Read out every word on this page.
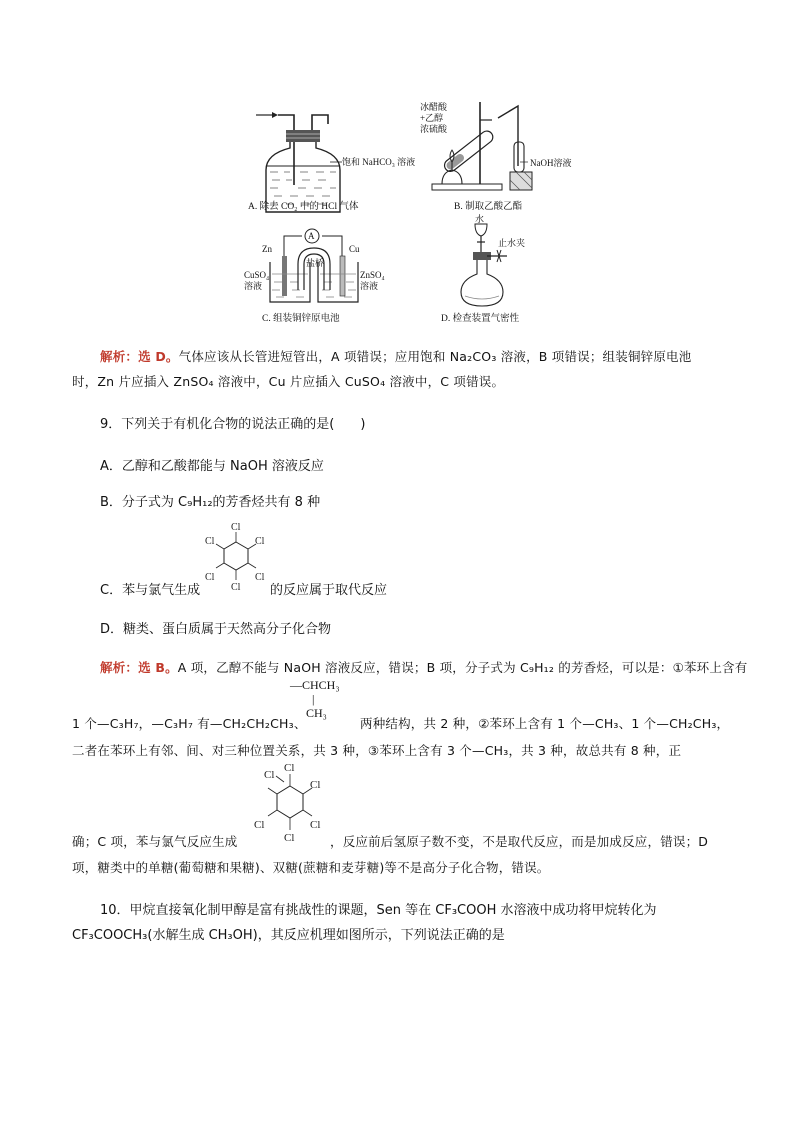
饱和 NaHCO₃ 溶液
A. 除去 CO₂ 中的 HCl 气体
冰醋酸
+乙醇
浓硫酸
NaOH溶液
B. 制取乙酸乙酯
A
Zn	Cu
盐桥
CuSO₄
溶液
ZnSO₄
溶液
C. 组装铜锌原电池
水
止水夹
D. 检查装置气密性
解析：选 D。气体应该从长管进短管出，A 项错误；应用饱和 Na₂CO₃ 溶液，B 项错误；组装铜锌原电池
时，Zn 片应插入 ZnSO₄ 溶液中，Cu 片应插入 CuSO₄ 溶液中，C 项错误。
9．下列关于有机化合物的说法正确的是(　　)
A．乙醇和乙酸都能与 NaOH 溶液反应
B．分子式为 C₉H₁₂的芳香烃共有 8 种
C．苯与氯气生成
Cl
Cl
Cl
Cl
Cl
Cl
的反应属于取代反应
D．糖类、蛋白质属于天然高分子化合物
解析：选 B。A 项，乙醇不能与 NaOH 溶液反应，错误；B 项，分子式为 C₉H₁₂ 的芳香烃，可以是：①苯环上含有
1 个—C₃H₇，—C₃H₇ 有—CH₂CH₂CH₃、
—CHCH₃
|
CH₃
两种结构，共 2 种，②苯环上含有 1 个—CH₃、1 个—CH₂CH₃，
二者在苯环上有邻、间、对三种位置关系，共 3 种，③苯环上含有 3 个—CH₃，共 3 种，故总共有 8 种，正
确；C 项，苯与氯气反应生成
Cl
Cl
Cl
Cl
Cl
Cl
，反应前后氢原子数不变，不是取代反应，而是加成反应，错误；D
项，糖类中的单糖(葡萄糖和果糖)、双糖(蔗糖和麦芽糖)等不是高分子化合物，错误。
10．甲烷直接氧化制甲醇是富有挑战性的课题，Sen 等在 CF₃COOH 水溶液中成功将甲烷转化为
CF₃COOCH₃(水解生成 CH₃OH)，其反应机理如图所示，下列说法正确的是
